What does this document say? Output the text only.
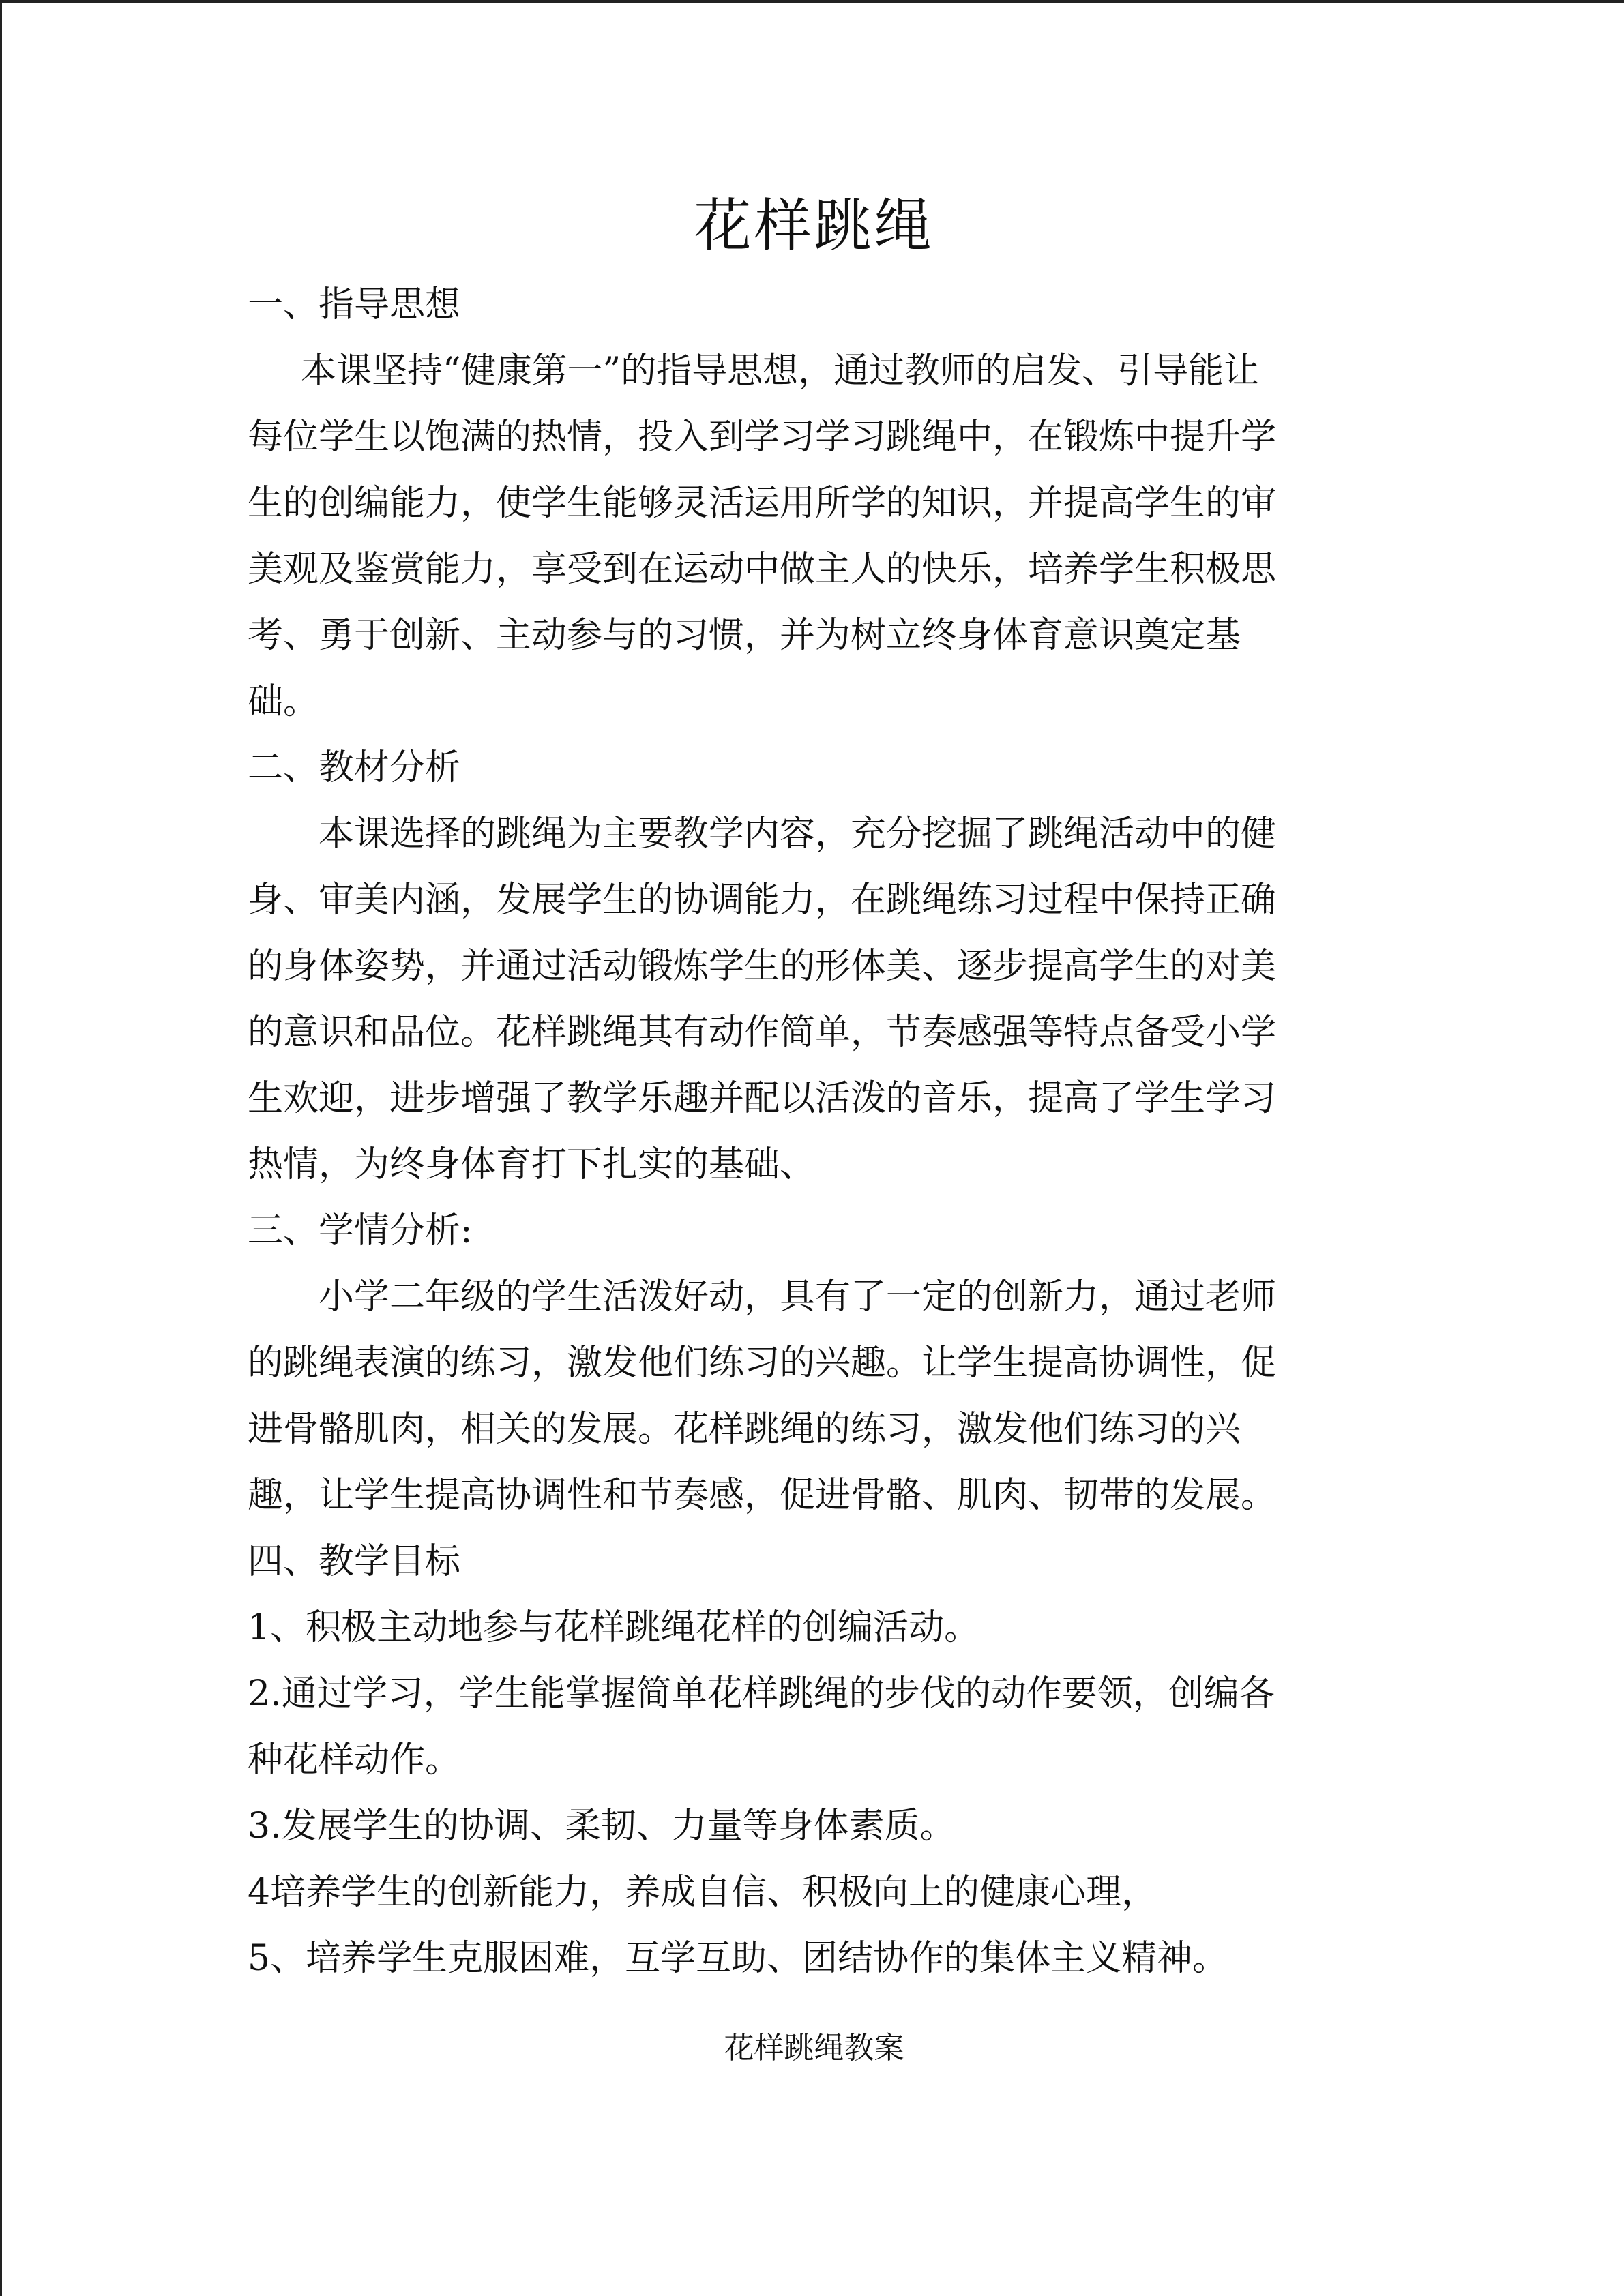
花样跳绳

一、指导思想

本课坚持“健康第一”的指导思想，通过教师的启发、引导能让

每位学生以饱满的热情，投入到学习学习跳绳中，在锻炼中提升学

生的创编能力，使学生能够灵活运用所学的知识，并提高学生的审

美观及鉴赏能力，享受到在运动中做主人的快乐，培养学生积极思

考、勇于创新、主动参与的习惯，并为树立终身体育意识奠定基

础。

二、教材分析

本课选择的跳绳为主要教学内容，充分挖掘了跳绳活动中的健

身、审美内涵，发展学生的协调能力，在跳绳练习过程中保持正确

的身体姿势，并通过活动锻炼学生的形体美、逐步提高学生的对美

的意识和品位。花样跳绳其有动作简单，节奏感强等特点备受小学

生欢迎，进步增强了教学乐趣并配以活泼的音乐，提高了学生学习

热情，为终身体育打下扎实的基础、

三、学情分析:

小学二年级的学生活泼好动，具有了一定的创新力，通过老师

的跳绳表演的练习，激发他们练习的兴趣。让学生提高协调性，促

进骨骼肌肉，相关的发展。花样跳绳的练习，激发他们练习的兴

趣，让学生提高协调性和节奏感，促进骨骼、肌肉、韧带的发展。

四、教学目标

1、积极主动地参与花样跳绳花样的创编活动。

2.通过学习，学生能掌握简单花样跳绳的步伐的动作要领，创编各

种花样动作。

3.发展学生的协调、柔韧、力量等身体素质。

4培养学生的创新能力，养成自信、积极向上的健康心理，

5、培养学生克服困难，互学互助、团结协作的集体主义精神。

花样跳绳教案
